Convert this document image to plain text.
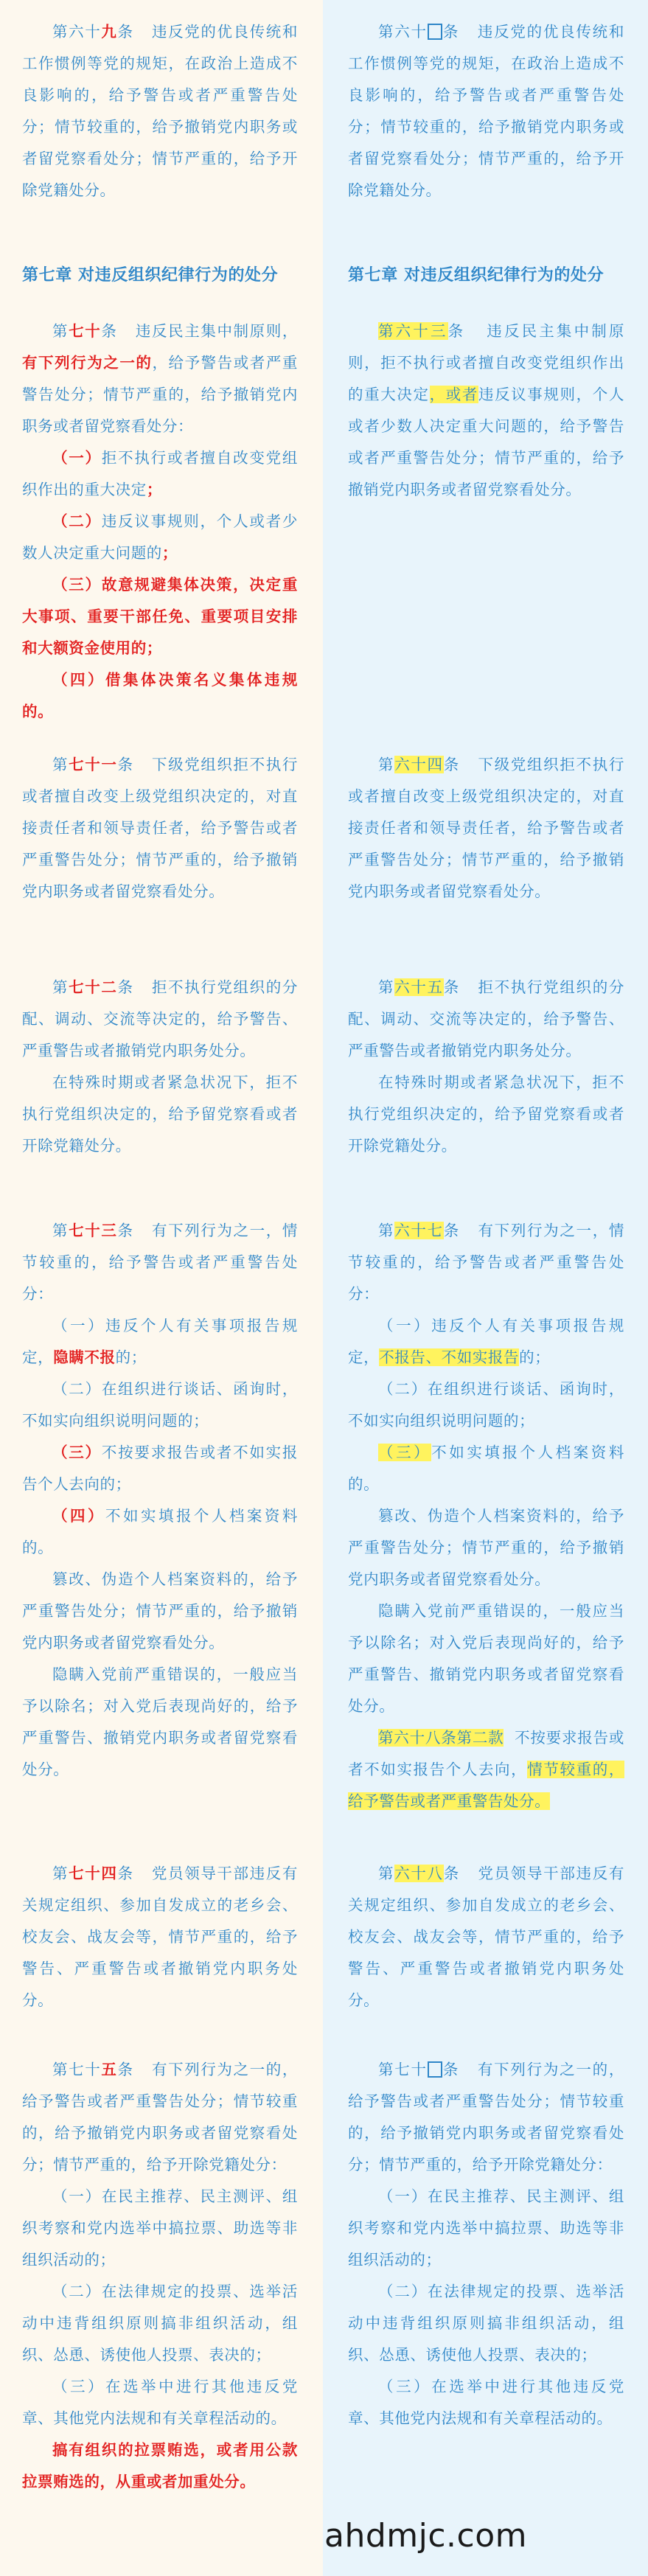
第六十九条 违反党的优良传统和工作惯例等党的规矩，在政治上造成不良影响的，给予警告或者严重警告处分；情节较重的，给予撤销党内职务或者留党察看处分；情节严重的，给予开除党籍处分。

第七章 对违反组织纪律行为的处分

第七十条 违反民主集中制原则，有下列行为之一的，给予警告或者严重警告处分；情节严重的，给予撤销党内职务或者留党察看处分：

（一）拒不执行或者擅自改变党组织作出的重大决定；

（二）违反议事规则，个人或者少数人决定重大问题的；

（三）故意规避集体决策，决定重大事项、重要干部任免、重要项目安排和大额资金使用的；

（四）借集体决策名义集体违规的。

第七十一条 下级党组织拒不执行或者擅自改变上级党组织决定的，对直接责任者和领导责任者，给予警告或者严重警告处分；情节严重的，给予撤销党内职务或者留党察看处分。

第七十二条 拒不执行党组织的分配、调动、交流等决定的，给予警告、严重警告或者撤销党内职务处分。

在特殊时期或者紧急状况下，拒不执行党组织决定的，给予留党察看或者开除党籍处分。

第七十三条 有下列行为之一，情节较重的，给予警告或者严重警告处分：

（一）违反个人有关事项报告规定，隐瞒不报的；

（二）在组织进行谈话、函询时，不如实向组织说明问题的；

（三）不按要求报告或者不如实报告个人去向的；

（四）不如实填报个人档案资料的。

篡改、伪造个人档案资料的，给予严重警告处分；情节严重的，给予撤销党内职务或者留党察看处分。

隐瞒入党前严重错误的，一般应当予以除名；对入党后表现尚好的，给予严重警告、撤销党内职务或者留党察看处分。

第七十四条 党员领导干部违反有关规定组织、参加自发成立的老乡会、校友会、战友会等，情节严重的，给予警告、严重警告或者撤销党内职务处分。

第七十五条 有下列行为之一的，给予警告或者严重警告处分；情节较重的，给予撤销党内职务或者留党察看处分；情节严重的，给予开除党籍处分：

（一）在民主推荐、民主测评、组织考察和党内选举中搞拉票、助选等非组织活动的；

（二）在法律规定的投票、选举活动中违背组织原则搞非组织活动，组织、怂恿、诱使他人投票、表决的；

（三）在选举中进行其他违反党章、其他党内法规和有关章程活动的。

搞有组织的拉票贿选，或者用公款拉票贿选的，从重或者加重处分。

第六十 条 违反党的优良传统和工作惯例等党的规矩，在政治上造成不良影响的，给予警告或者严重警告处分；情节较重的，给予撤销党内职务或者留党察看处分；情节严重的，给予开除党籍处分。

第七章 对违反组织纪律行为的处分

第六十三条 违反民主集中制原则，拒不执行或者擅自改变党组织作出的重大决定，或者违反议事规则，个人或者少数人决定重大问题的，给予警告或者严重警告处分；情节严重的，给予撤销党内职务或者留党察看处分。

第六十四条 下级党组织拒不执行或者擅自改变上级党组织决定的，对直接责任者和领导责任者，给予警告或者严重警告处分；情节严重的，给予撤销党内职务或者留党察看处分。

第六十五条 拒不执行党组织的分配、调动、交流等决定的，给予警告、严重警告或者撤销党内职务处分。

在特殊时期或者紧急状况下，拒不执行党组织决定的，给予留党察看或者开除党籍处分。

第六十七条 有下列行为之一，情节较重的，给予警告或者严重警告处分：

（一）违反个人有关事项报告规定，不报告、不如实报告的；

（二）在组织进行谈话、函询时，不如实向组织说明问题的；

（三）不如实填报个人档案资料的。

篡改、伪造个人档案资料的，给予严重警告处分；情节严重的，给予撤销党内职务或者留党察看处分。

隐瞒入党前严重错误的，一般应当予以除名；对入党后表现尚好的，给予严重警告、撤销党内职务或者留党察看处分。

第六十八条第二款 不按要求报告或者不如实报告个人去向，情节较重的，给予警告或者严重警告处分。

第六十八条 党员领导干部违反有关规定组织、参加自发成立的老乡会、校友会、战友会等，情节严重的，给予警告、严重警告或者撤销党内职务处分。

第七十 条 有下列行为之一的，给予警告或者严重警告处分；情节较重的，给予撤销党内职务或者留党察看处分；情节严重的，给予开除党籍处分：

（一）在民主推荐、民主测评、组织考察和党内选举中搞拉票、助选等非组织活动的；

（二）在法律规定的投票、选举活动中违背组织原则搞非组织活动，组织、怂恿、诱使他人投票、表决的；

（三）在选举中进行其他违反党章、其他党内法规和有关章程活动的。

ahdmjc.com
